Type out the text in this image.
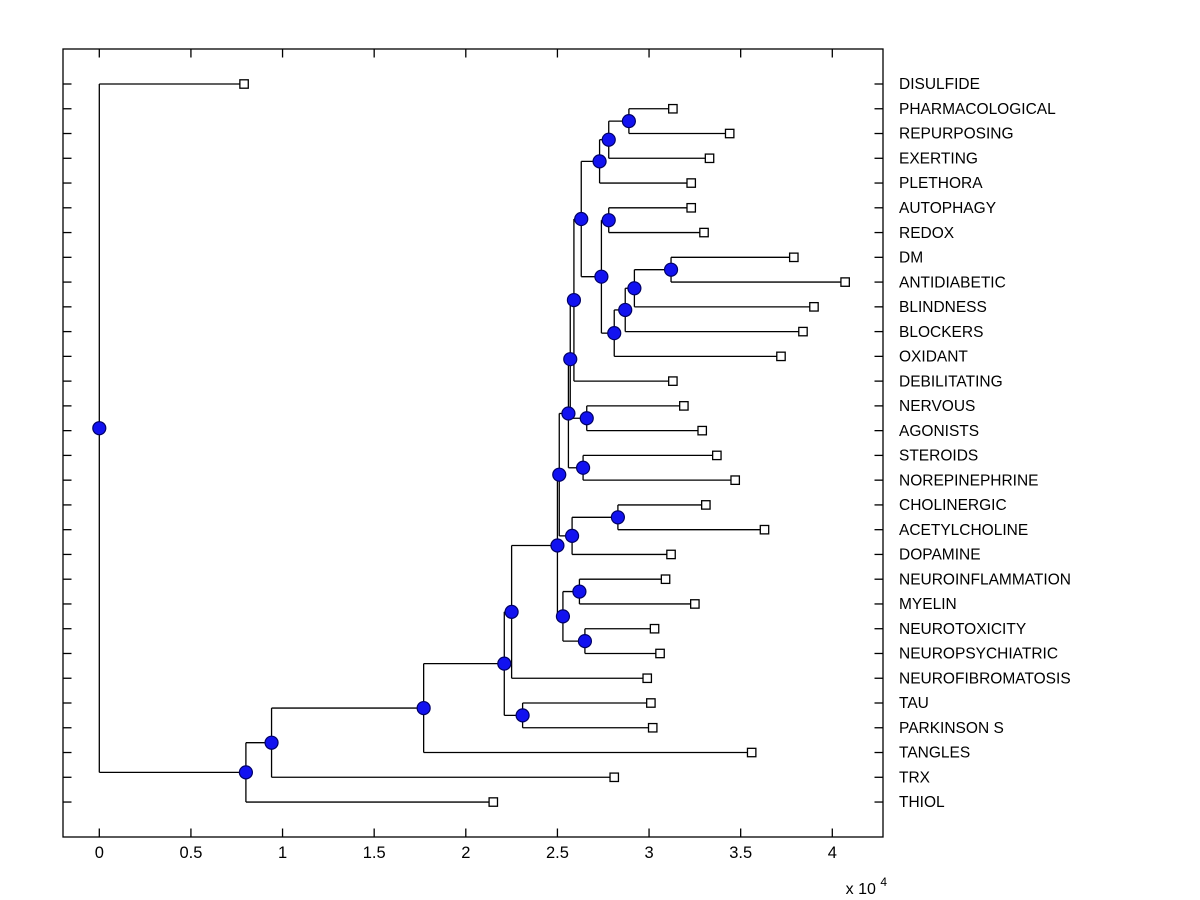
0	0.5	1	1.5	2	2.5	3	3.5	4
x 10 $^4$
DISULFIDE
PHARMACOLOGICAL
REPURPOSING
EXERTING
PLETHORA
AUTOPHAGY
REDOX
DM
ANTIDIABETIC
BLINDNESS
BLOCKERS
OXIDANT
DEBILITATING
NERVOUS
AGONISTS
STEROIDS
NOREPINEPHRINE
CHOLINERGIC
ACETYLCHOLINE
DOPAMINE
NEUROINFLAMMATION
MYELIN
NEUROTOXICITY
NEUROPSYCHIATRIC
NEUROFIBROMATOSIS
TAU
PARKINSON S
TANGLES
TRX
THIOL
